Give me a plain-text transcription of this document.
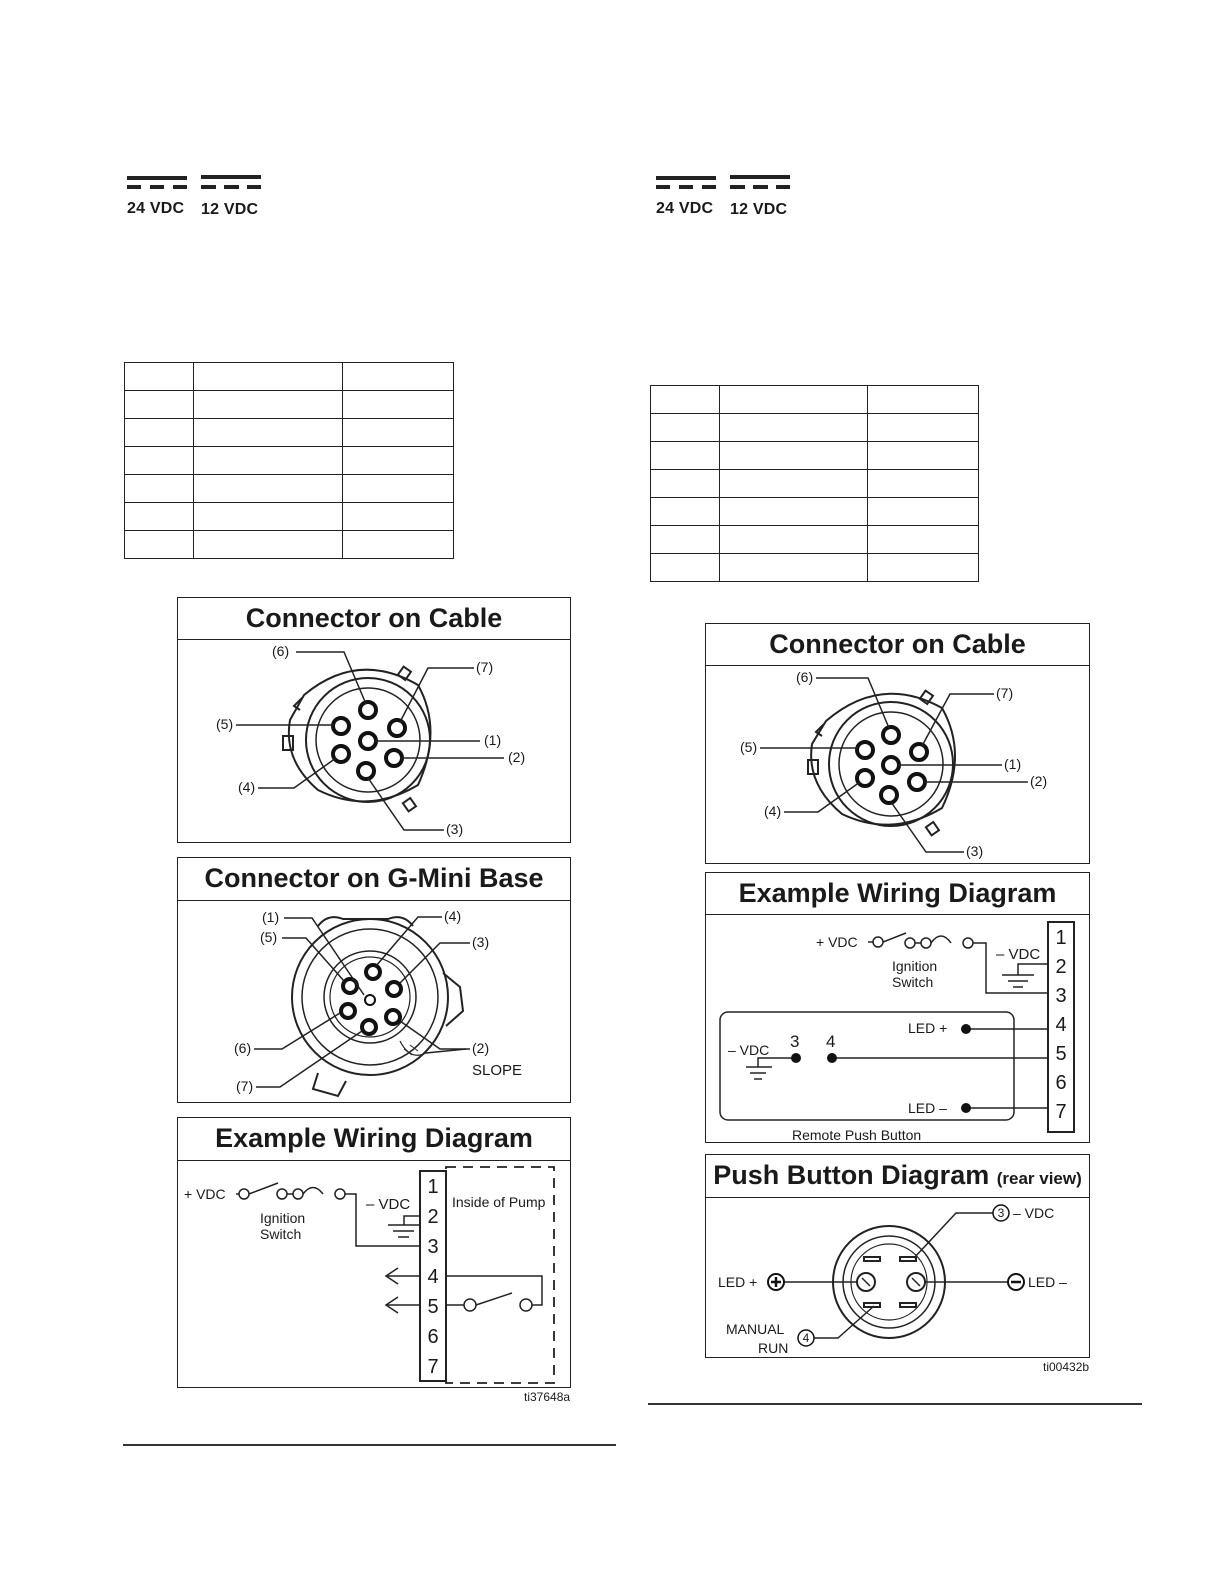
24 VDC 12 VDC

Connector on Cable
(6)
(7)
(5)
(1)
(2)
(4)
(3)
Connector on G-Mini Base
(1)
(5)
(4)
(3)
(6)	(2)
SLOPE
(7)
Example Wiring Diagram
+ VDC
Ignition
Switch
– VDC	Inside of Pump
1
2
3
4
5
6
7
ti37648a
24 VDC 12 VDC

Connector on Cable
(6)
(7)
(5)
(1)
(2)
(4)
(3)
Example Wiring Diagram
+ VDC
Ignition
Switch
– VDC
LED +
LED –
– VDC
Remote Push Button
3 4
1
2
3
4
5
6
7
Push Button Diagram (rear view)
3
4
– VDC
LED +	LED –
MANUAL
RUN
ti00432b
